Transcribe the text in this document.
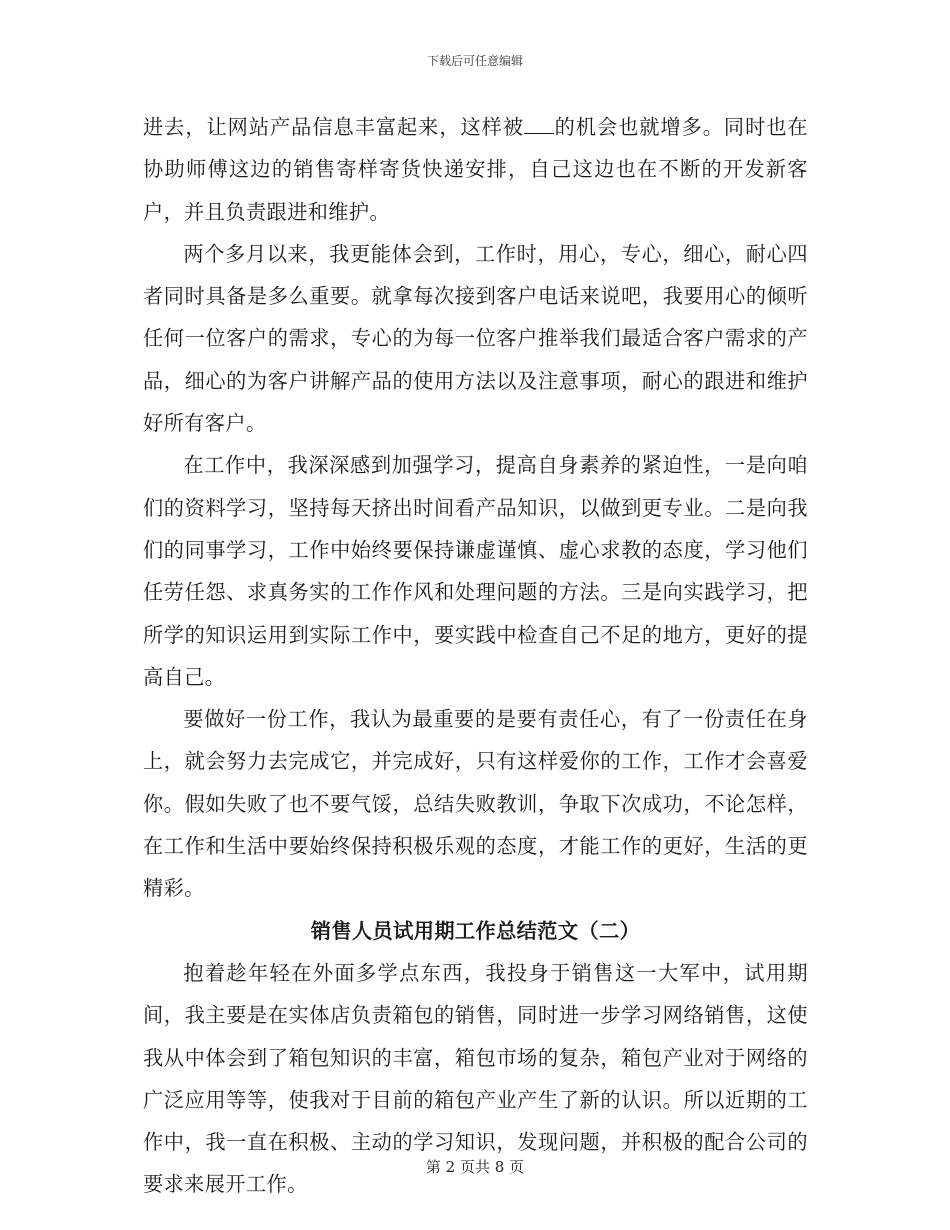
下载后可任意编辑

进去，让网站产品信息丰富起来，这样被 的机会也就增多。同时也在协助师傅这边的销售寄样寄货快递安排，自己这边也在不断的开发新客户，并且负责跟进和维护。

两个多月以来，我更能体会到，工作时，用心，专心，细心，耐心四者同时具备是多么重要。就拿每次接到客户电话来说吧，我要用心的倾听任何一位客户的需求，专心的为每一位客户推举我们最适合客户需求的产品，细心的为客户讲解产品的使用方法以及注意事项，耐心的跟进和维护好所有客户。

在工作中，我深深感到加强学习，提高自身素养的紧迫性，一是向咱们的资料学习，坚持每天挤出时间看产品知识，以做到更专业。二是向我们的同事学习，工作中始终要保持谦虚谨慎、虚心求教的态度，学习他们任劳任怨、求真务实的工作作风和处理问题的方法。三是向实践学习，把所学的知识运用到实际工作中，要实践中检查自己不足的地方，更好的提高自己。

要做好一份工作，我认为最重要的是要有责任心，有了一份责任在身上，就会努力去完成它，并完成好，只有这样爱你的工作，工作才会喜爱你。假如失败了也不要气馁，总结失败教训，争取下次成功，不论怎样，在工作和生活中要始终保持积极乐观的态度，才能工作的更好，生活的更精彩。

销售人员试用期工作总结范文（二）

抱着趁年轻在外面多学点东西，我投身于销售这一大军中，试用期间，我主要是在实体店负责箱包的销售，同时进一步学习网络销售，这使我从中体会到了箱包知识的丰富，箱包市场的复杂，箱包产业对于网络的广泛应用等等，使我对于目前的箱包产业产生了新的认识。所以近期的工作中，我一直在积极、主动的学习知识，发现问题，并积极的配合公司的要求来展开工作。

第 2 页共 8 页
